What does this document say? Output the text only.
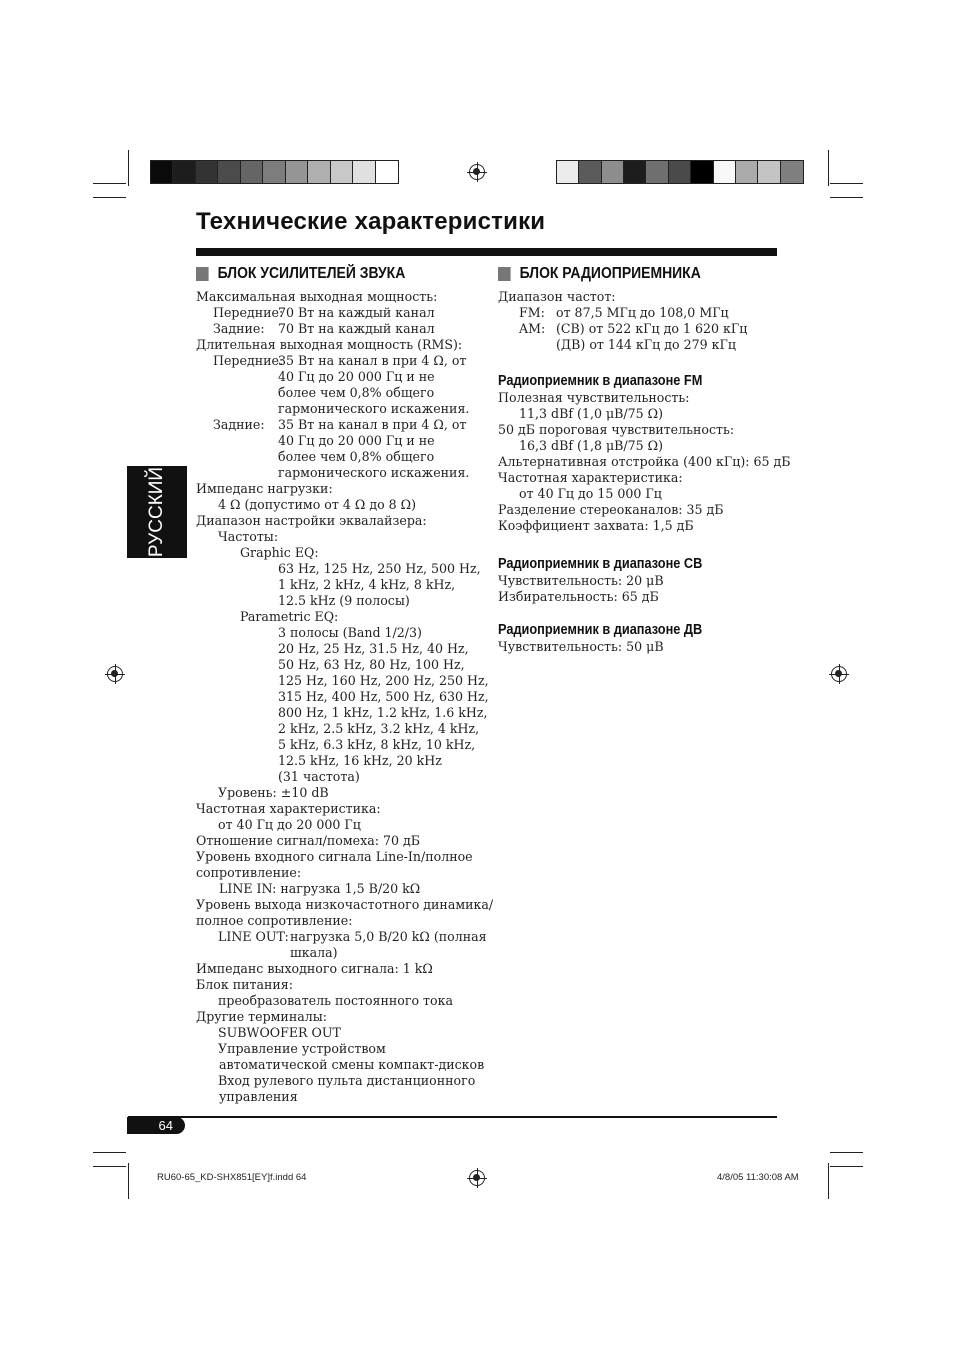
Технические характеристики
БЛОК УСИЛИТЕЛЕЙ ЗВУКА	БЛОК РАДИОПРИЕМНИКА
Максимальная выходная мощность:
Передние:
70 Вт на каждый канал
Задние: 70 Вт на каждый канал
Длительная выходная мощность (RMS):
Передние:
35 Вт на канал в при 4 Ω, от
40 Гц до 20 000 Гц и не
более чем 0,8% общего
гармонического искажения.
Задние: 35 Вт на канал в при 4 Ω, от
40 Гц до 20 000 Гц и не
более чем 0,8% общего
гармонического искажения.
Импеданс нагрузки:
4 Ω (допустимо от 4 Ω до 8 Ω)
Диапазон настройки эквалайзера:
Частоты:
Graphic EQ:
63 Hz, 125 Hz, 250 Hz, 500 Hz,
1 kHz, 2 kHz, 4 kHz, 8 kHz,
12.5 kHz (9 полосы)
Parametric EQ:
3 полосы (Band 1/2/3)
20 Hz, 25 Hz, 31.5 Hz, 40 Hz,
50 Hz, 63 Hz, 80 Hz, 100 Hz,
125 Hz, 160 Hz, 200 Hz, 250 Hz,
315 Hz, 400 Hz, 500 Hz, 630 Hz,
800 Hz, 1 kHz, 1.2 kHz, 1.6 kHz,
2 kHz, 2.5 kHz, 3.2 kHz, 4 kHz,
5 kHz, 6.3 kHz, 8 kHz, 10 kHz,
12.5 kHz, 16 kHz, 20 kHz
(31 частота)
Уровень: ±10 dB
Частотная характеристика:
от 40 Гц до 20 000 Гц
Отношение сигнал/помеха: 70 дБ
Уровень входного сигнала Line-In/полное
сопротивление:
LINE IN: нагрузка 1,5 В/20 kΩ
Уровень выхода низкочастотного динамика/
полное сопротивление:
LINE OUT: нагрузка 5,0 В/20 kΩ (полная
шкала)
Импеданс выходного сигнала: 1 kΩ
Блок питания:
преобразователь постоянного тока
Другие терминалы:
SUBWOOFER OUT
Управление устройством
автоматической смены компакт-дисков
Вход рулевого пульта дистанционного
управления
Диапазон частот:
FM: от 87,5 МГц до 108,0 МГц
AM: (СВ) от 522 кГц до 1 620 кГц
(ДВ) от 144 кГц до 279 кГц
Полезная чувствительность:
11,3 dBf (1,0 μВ/75 Ω)
50 дБ пороговая чувствительность:
16,3 dBf (1,8 μВ/75 Ω)
Альтернативная отстройка (400 кГц): 65 дБ
Частотная характеристика:
от 40 Гц до 15 000 Гц
Разделение стереоканалов: 35 дБ
Коэффициент захвата: 1,5 дБ
Чувствительность: 20 μВ
Избирательность: 65 дБ
Чувствительность: 50 μВ
Радиоприемник в диапазоне FM
Радиоприемник в диапазоне СВ
Радиоприемник в диапазоне ДВ
РУССКИЙ
64
RU60-65_KD-SHX851[EY]f.indd 64	4/8/05 11:30:08 AM
